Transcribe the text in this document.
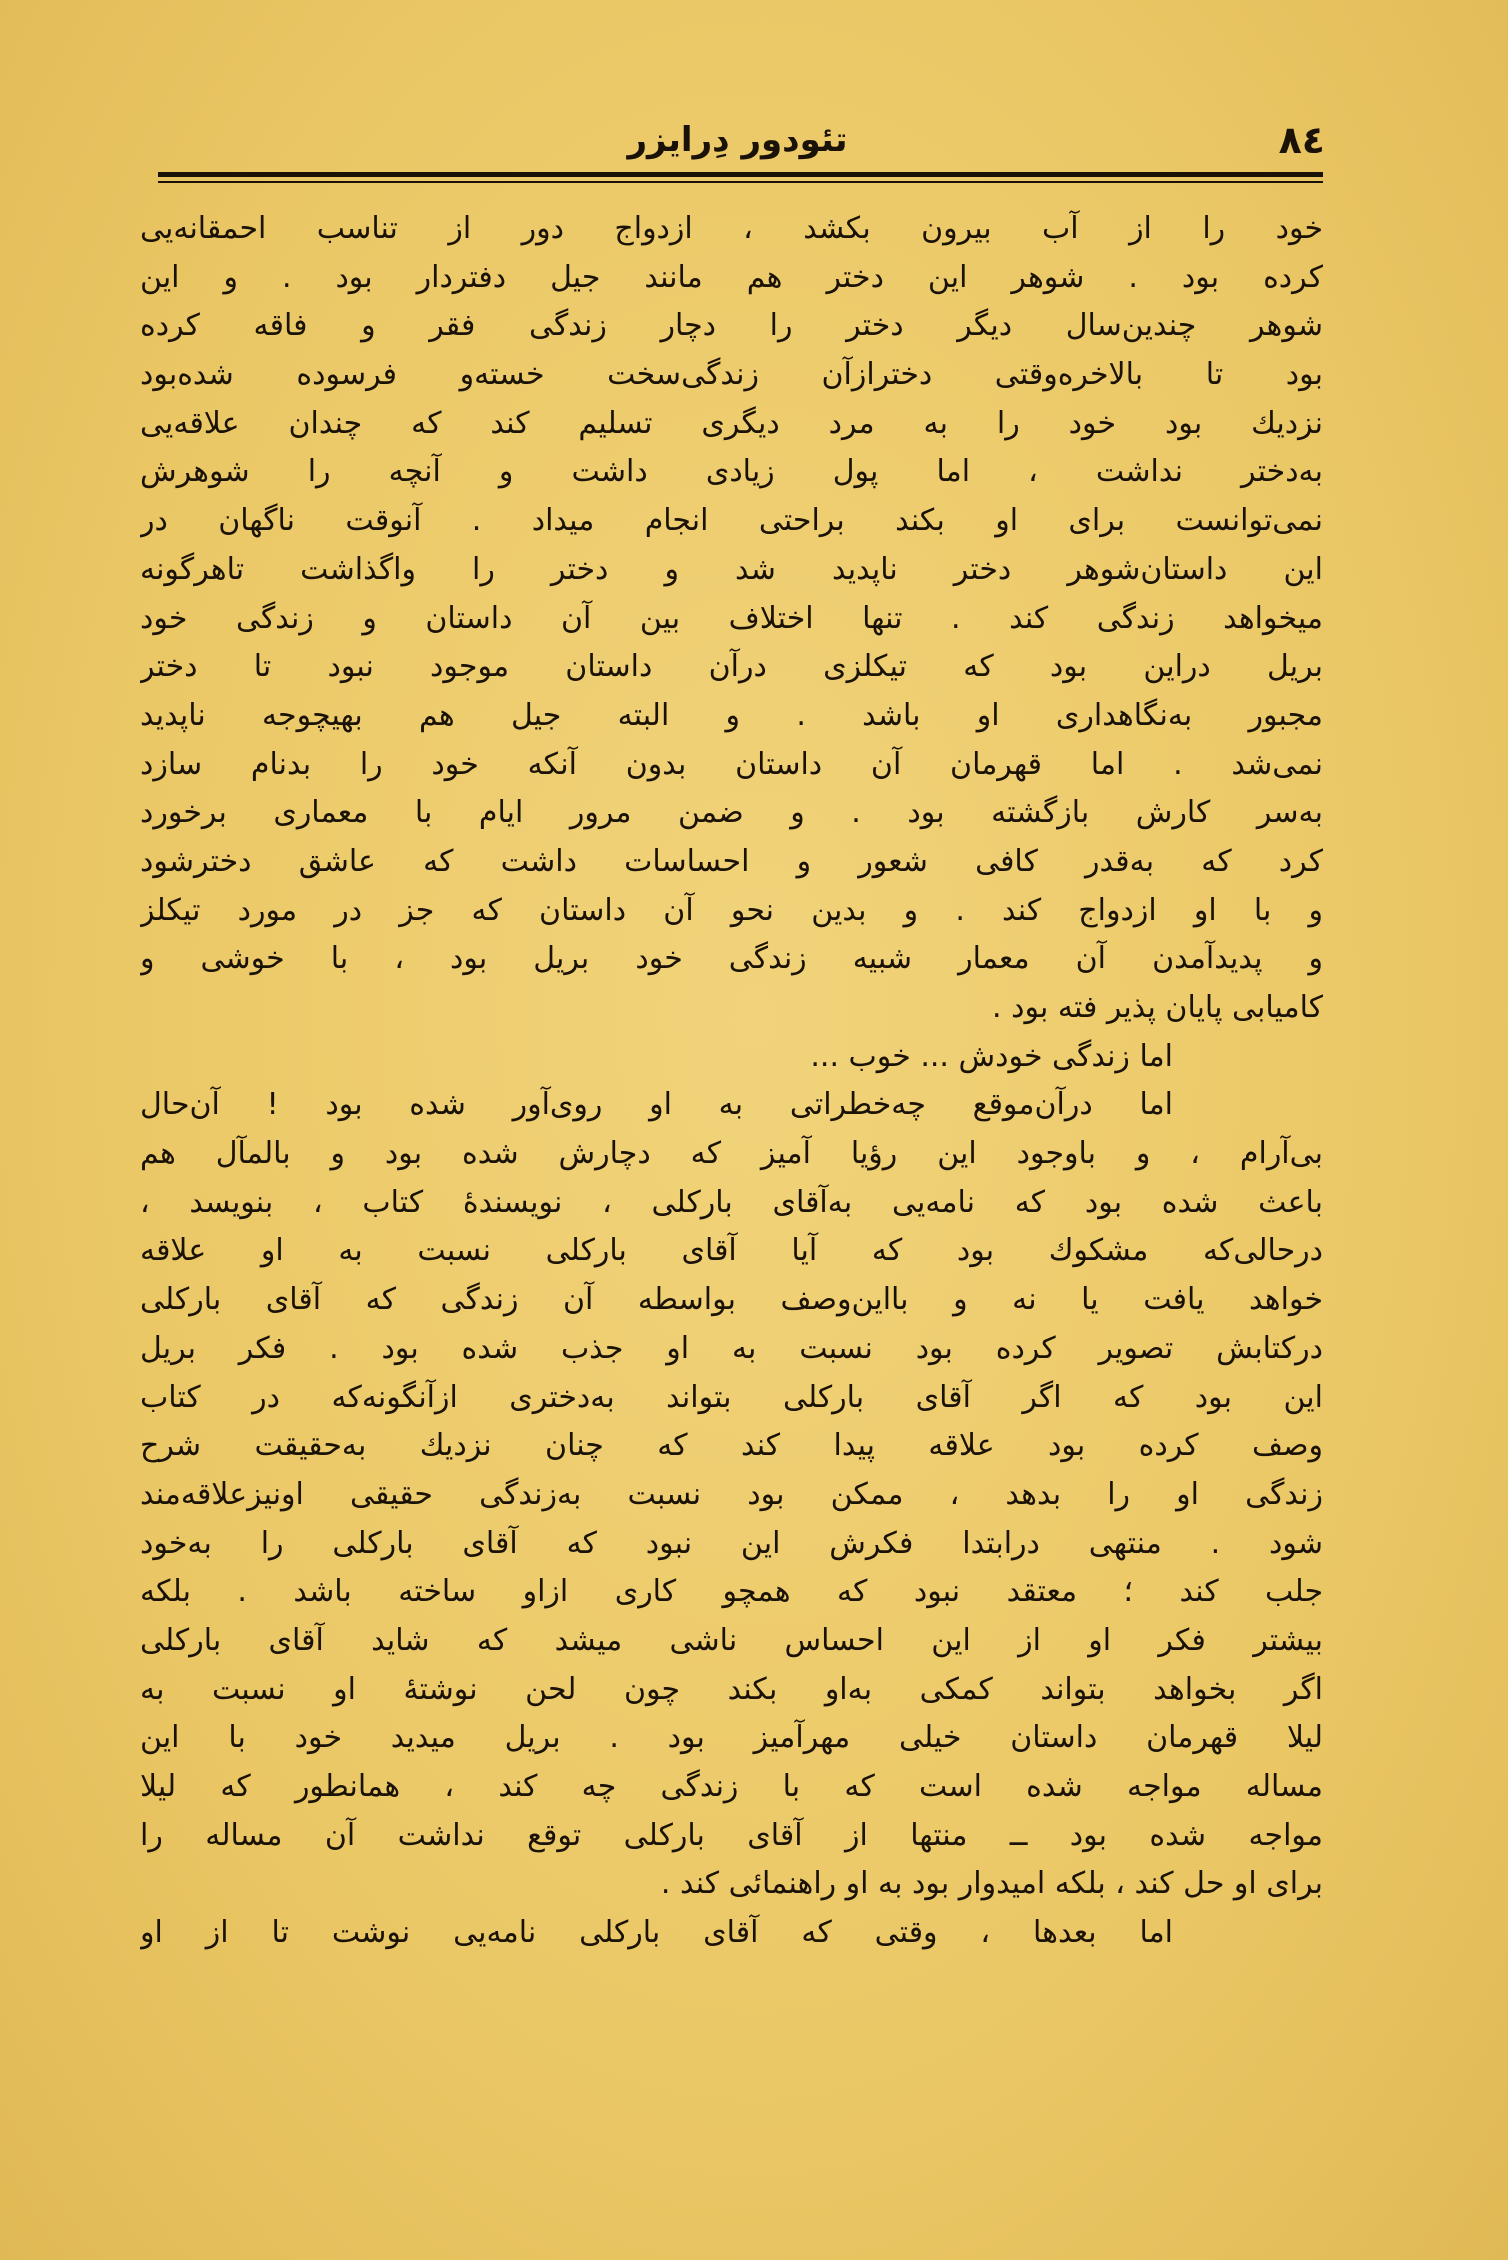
٨٤
تئودور دِرایزر
خود را از آب بیرون بکشد ، ازدواج دور از تناسب احمقانه‌یی
کرده بود . شوهر این دختر هم مانند جیل دفتردار بود . و این
شوهر چندین‌سال دیگر دختر را دچار زندگی فقر و فاقه کرده
بود تا بالاخره‌وقتی دخترازآن زندگی‌سخت خسته‌و فرسوده شده‌بود
نزدیك بود خود را به مرد دیگری تسلیم کند که چندان علاقه‌یی
به‌دختر نداشت ، اما پول زیادی داشت و آنچه را شوهرش
نمی‌توانست برای او بکند براحتی انجام میداد . آنوقت ناگهان در
این داستان‌شوهر دختر ناپدید شد و دختر را واگذاشت تاهرگونه
میخواهد زندگی کند . تنها اختلاف بین آن داستان و زندگی خود
بریل دراین بود که تیکلزی درآن داستان موجود نبود تا دختر
مجبور به‌نگاهداری او باشد . و البته جیل هم بهیچوجه ناپدید
نمی‌شد . اما قهرمان آن داستان بدون آنکه خود را بدنام سازد
به‌سر کارش بازگشته بود . و ضمن مرور ایام با معماری برخورد
کرد که به‌قدر کافی شعور و احساسات داشت که عاشق دخترشود
و با او ازدواج کند . و بدین نحو آن داستان که جز در مورد تیکلز
و پدیدآمدن آن معمار شبیه زندگی خود بریل بود ، با خوشی و
کامیابی پایان پذیر فته بود .
اما زندگی خودش ... خوب ...
اما درآن‌موقع چه‌خطراتی به او روی‌آور شده بود ! آن‌حال
بی‌آرام ، و باوجود این رؤیا آمیز که دچارش شده بود و بالمآل هم
باعث شده بود که نامه‌یی به‌آقای بارکلی ، نویسندهٔ کتاب ، بنویسد ،
درحالی‌که مشکوك بود که آیا آقای بارکلی نسبت به او علاقه
خواهد یافت یا نه و بااین‌وصف بواسطه آن زندگی که آقای بارکلی
درکتابش تصویر کرده بود نسبت به او جذب شده بود . فکر بریل
این بود که اگر آقای بارکلی بتواند به‌دختری ازآنگونه‌که در کتاب
وصف کرده بود علاقه پیدا کند که چنان نزدیك به‌حقیقت شرح
زندگی او را بدهد ، ممکن بود نسبت به‌زندگی حقیقی اونیزعلاقه‌مند
شود . منتهی درابتدا فکرش این نبود که آقای بارکلی را به‌خود
جلب کند ؛ معتقد نبود که همچو کاری ازاو ساخته باشد . بلکه
بیشتر فکر او از این احساس ناشی میشد که شاید آقای بارکلی
اگر بخواهد بتواند کمکی به‌او بکند چون لحن نوشتهٔ او نسبت به
لیلا قهرمان داستان خیلی مهرآمیز بود . بریل میدید خود با این
مساله مواجه شده است که با زندگی چه کند ، همانطور که لیلا
مواجه شده بود ــ منتها از آقای بارکلی توقع نداشت آن مساله را
برای او حل کند ، بلکه امیدوار بود به او راهنمائی کند .
اما بعدها ، وقتی که آقای بارکلی نامه‌یی نوشت تا از او
